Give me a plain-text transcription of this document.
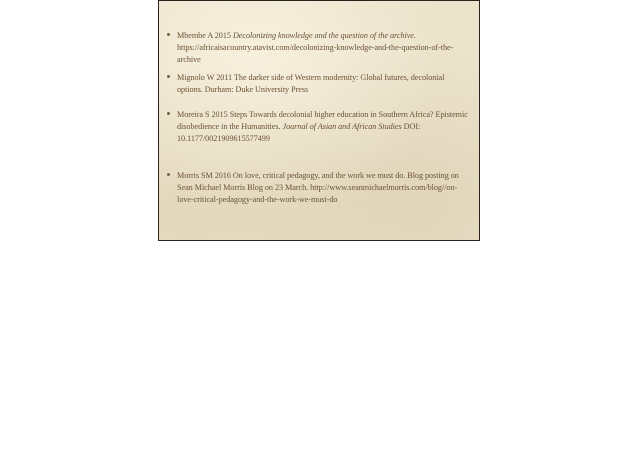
Mbembe A 2015 Decolonizing knowledge and the question of the archive. https://africaisacountry.atavist.com/decolonizing-knowledge-and-the-question-of-the-archive
Mignolo W 2011 The darker side of Western modernity: Global futures, decolonial options. Durham: Duke University Press
Moreira S 2015 Steps Towards decolonial higher education in Southern Africa? Epistemic disobedience in the Humanities. Journal of Asian and African Studies DOI: 10.1177/0021909615577499
Morris SM 2016 On love, critical pedagogy, and the work we must do. Blog posting on Sean Michael Morris Blog on 23 March. http://www.seanmichaelmorris.com/blog//on-love-critical-pedagogy-and-the-work-we-must-do
